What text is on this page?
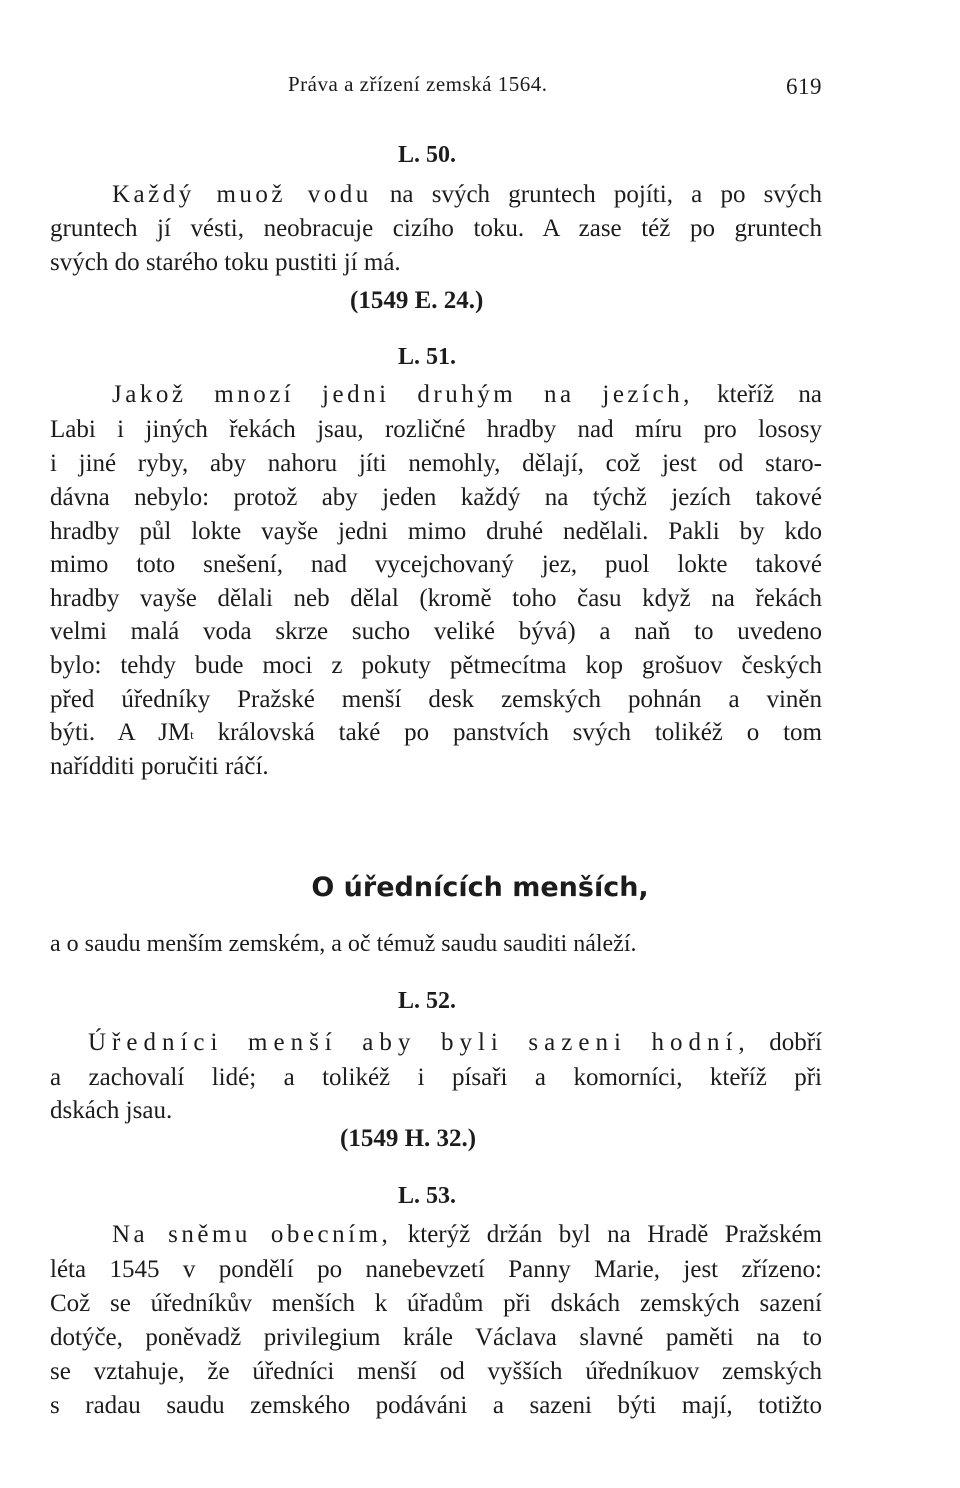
Práva a zřízení zemská 1564.	619
L. 50.
Každý muož vodu na svých gruntech pojíti, a po svých
gruntech jí vésti, neobracuje cizího toku. A zase též po gruntech
svých do starého toku pustiti jí má.
(1549 E. 24.)
L. 51.
Jakož mnozí jedni druhým na jezích, kteříž na
Labi i jiných řekách jsau, rozličné hradby nad míru pro lososy
i jiné ryby, aby nahoru jíti nemohly, dělají, což jest od staro-
dávna nebylo: protož aby jeden každý na týchž jezích takové
hradby půl lokte vayše jedni mimo druhé nedělali. Pakli by kdo
mimo toto snešení, nad vycejchovaný jez, puol lokte takové
hradby vayše dělali neb dělal (kromě toho času když na řekách
velmi malá voda skrze sucho veliké bývá) a naň to uvedeno
bylo: tehdy bude moci z pokuty pětmecítma kop grošuov českých
před úředníky Pražské menší desk zemských pohnán a viněn
býti. A $JM^t$ královská také po panstvích svých tolikéž o tom
nařídditi poručiti ráčí.
O úřednících menších,
a o saudu menším zemském, a oč témuž saudu sauditi náleží.
L. 52.
Úředníci menší aby byli sazeni hodní, dobří
a zachovalí lidé; a tolikéž i písaři a komorníci, kteříž při
dskách jsau.
(1549 H. 32.)
L. 53.
Na sněmu obecním, kterýž držán byl na Hradě Pražském
léta 1545 v pondělí po nanebevzetí Panny Marie, jest zřízeno:
Což se úředníkův menších k úřadům při dskách zemských sazení
dotýče, poněvadž privilegium krále Václava slavné paměti na to
se vztahuje, že úředníci menší od vyšších úředníkuov zemských
s radau saudu zemského podáváni a sazeni býti mají, totižto
